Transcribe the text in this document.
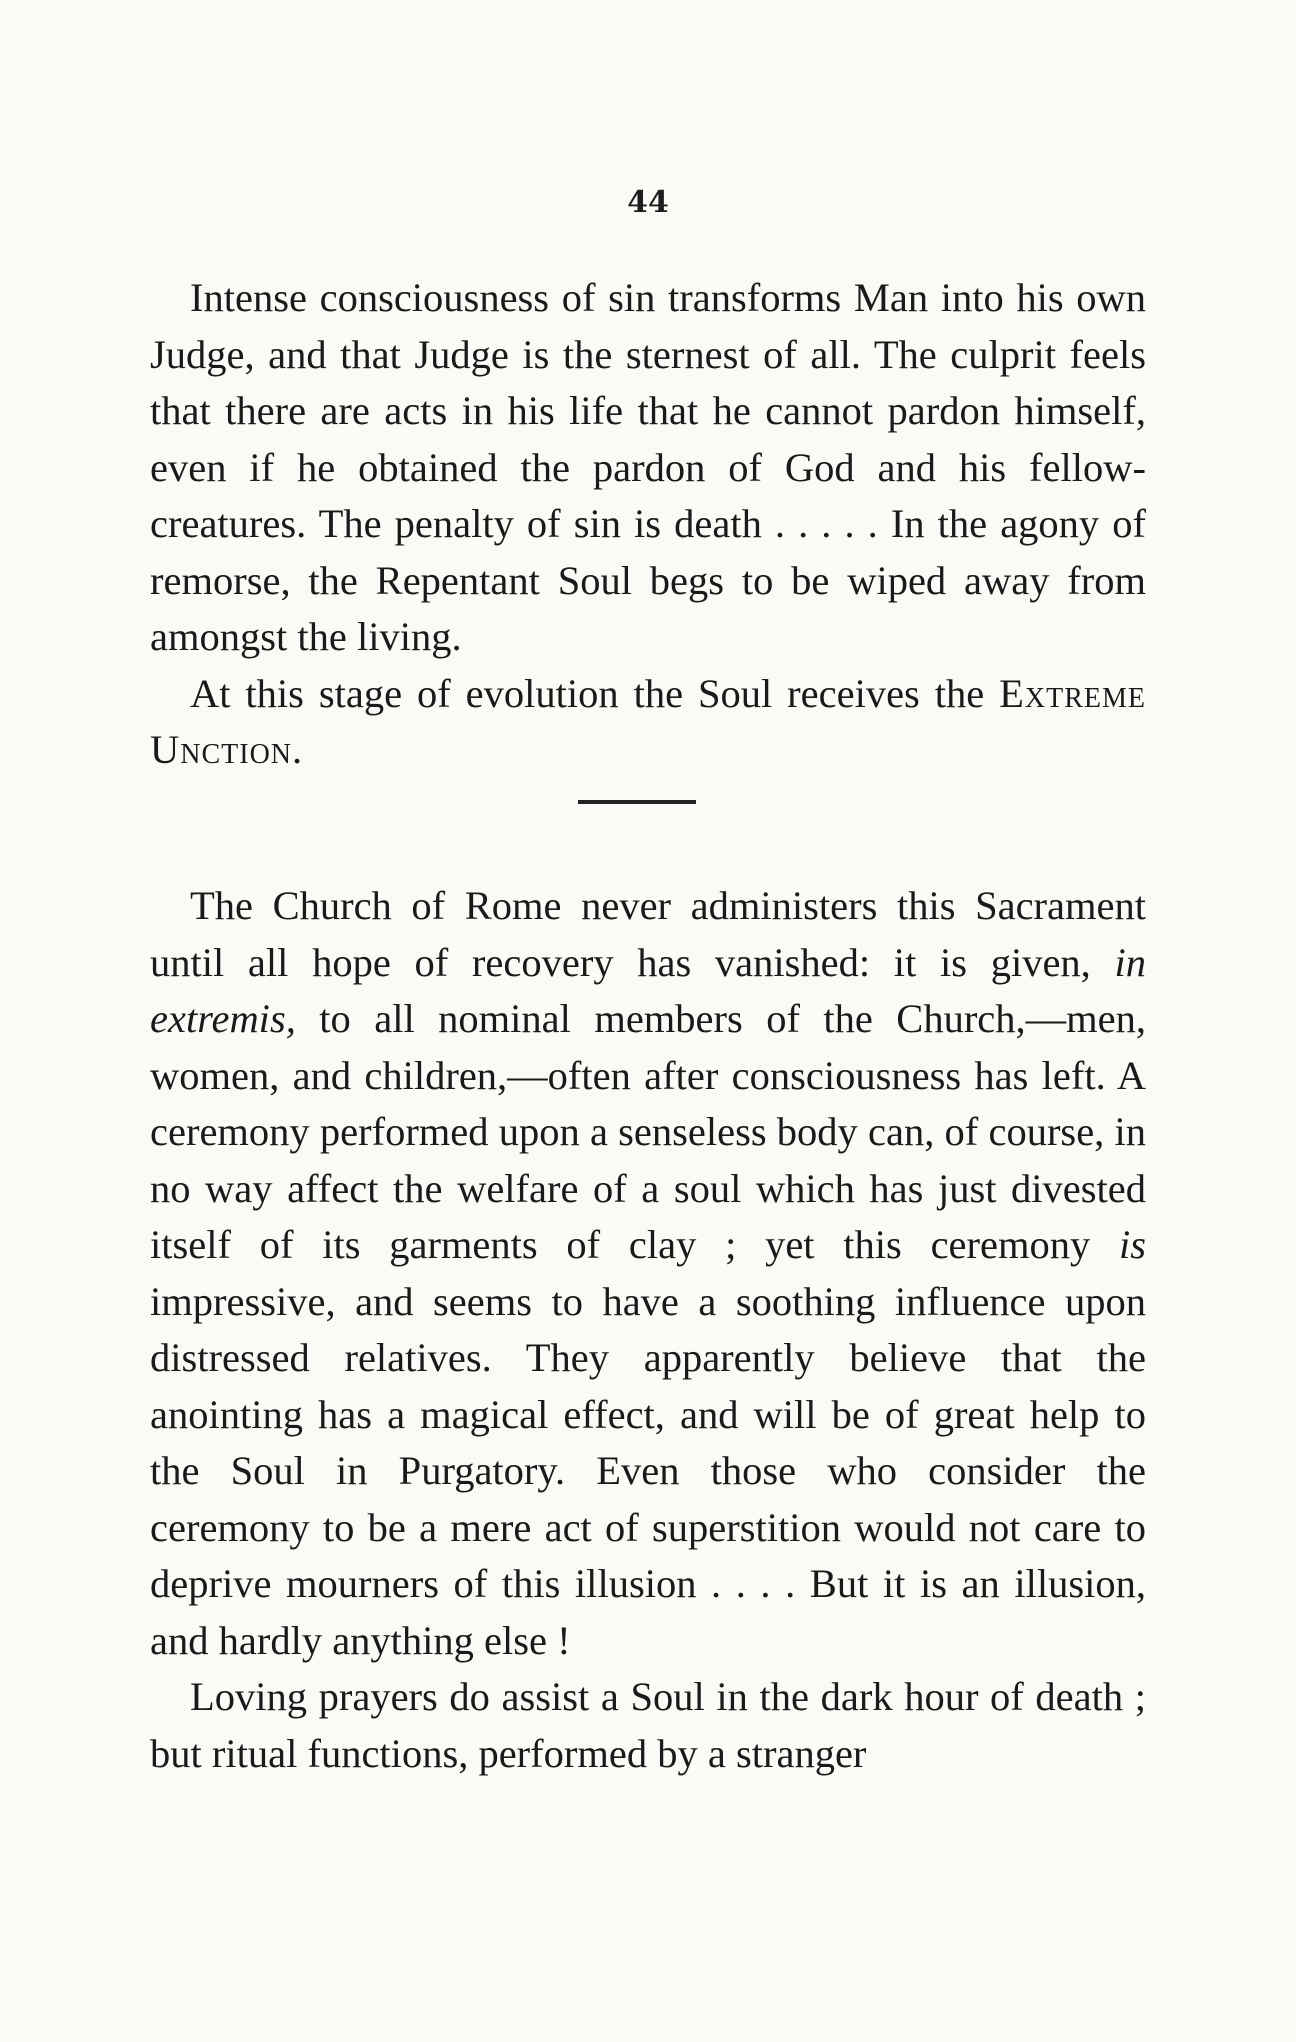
44

Intense consciousness of sin transforms Man into his own Judge, and that Judge is the sternest of all. The culprit feels that there are acts in his life that he cannot pardon himself, even if he obtained the pardon of God and his fellow-creatures. The penalty of sin is death . . . . . In the agony of remorse, the Repentant Soul begs to be wiped away from amongst the living.

At this stage of evolution the Soul receives the Extreme Unction.

The Church of Rome never administers this Sacrament until all hope of recovery has vanished: it is given, in extremis, to all nominal members of the Church,—men, women, and children,—often after consciousness has left. A ceremony performed upon a senseless body can, of course, in no way affect the welfare of a soul which has just divested itself of its garments of clay ; yet this ceremony is impressive, and seems to have a soothing influence upon distressed relatives. They apparently believe that the anointing has a magical effect, and will be of great help to the Soul in Purgatory. Even those who consider the ceremony to be a mere act of superstition would not care to deprive mourners of this illusion . . . . But it is an illusion, and hardly anything else !

Loving prayers do assist a Soul in the dark hour of death ; but ritual functions, performed by a stranger
